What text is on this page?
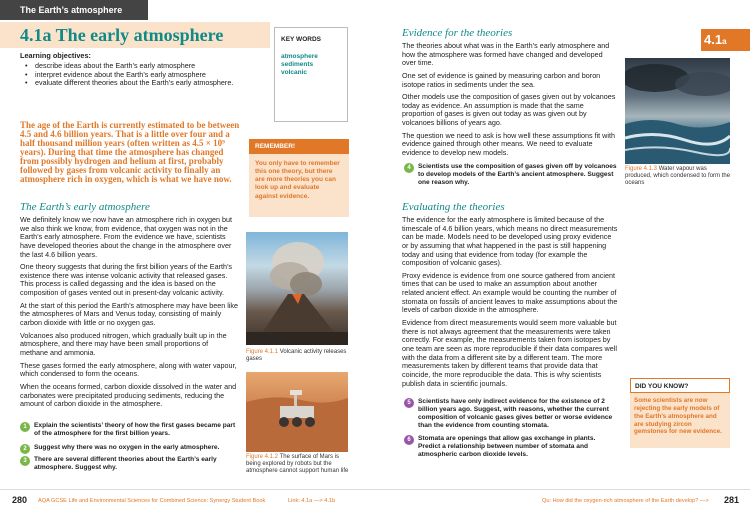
The Earth’s atmosphere
4.1a The early atmosphere
Learning objectives:
• describe ideas about the Earth’s early atmosphere
• interpret evidence about the Earth’s early atmosphere
• evaluate different theories about the Earth’s early atmosphere.
KEY WORDS
atmosphere
sediments
volcanic
The age of the Earth is currently estimated to be between 4.5 and 4.6 billion years. That is a little over four and a half thousand million years (often written as 4.5 × 10⁹ years). During that time the atmosphere has changed from possibly hydrogen and helium at first, probably followed by gases from volcanic activity to finally an atmosphere rich in oxygen, which is what we have now.
REMEMBER!
You only have to remember this one theory, but there are more theories you can look up and evaluate against evidence.
The Earth’s early atmosphere

We definitely know we now have an atmosphere rich in oxygen but we also think we know, from evidence, that oxygen was not in the Earth’s early atmosphere. From the evidence we have, scientists have developed theories about the change in the atmosphere over the last 4.6 billion years.

One theory suggests that during the first billion years of the Earth’s existence there was intense volcanic activity that released gases. This process is called degassing and the idea is based on the composition of gases vented out in present-day volcanic activity.

At the start of this period the Earth’s atmosphere may have been like the atmospheres of Mars and Venus today, consisting of mainly carbon dioxide with little or no oxygen gas.

Volcanoes also produced nitrogen, which gradually built up in the atmosphere, and there may have been small proportions of methane and ammonia.

These gases formed the early atmosphere, along with water vapour, which condensed to form the oceans.

When the oceans formed, carbon dioxide dissolved in the water and carbonates were precipitated producing sediments, reducing the amount of carbon dioxide in the atmosphere.

1	Explain the scientists’ theory of how the first gases became part of the atmosphere for the first billion years.
2	Suggest why there was no oxygen in the early atmosphere.
3	There are several different theories about the Earth’s early atmosphere. Suggest why.
Figure 4.1.1 Volcanic activity releases gases
Figure 4.1.2 The surface of Mars is being explored by robots but the atmosphere cannot support human life
Evidence for the theories

The theories about what was in the Earth’s early atmosphere and how the atmosphere was formed have changed and developed over time.

One set of evidence is gained by measuring carbon and boron isotope ratios in sediments under the sea.

Other models use the composition of gases given out by volcanoes today as evidence. An assumption is made that the same proportion of gases is given out today as was given out by volcanoes billions of years ago.

The question we need to ask is how well these assumptions fit with evidence gained through other means. We need to evaluate evidence to develop new models.

4	Scientists use the composition of gases given off by volcanoes to develop models of the Earth’s ancient atmosphere. Suggest one reason why.
Evaluating the theories

The evidence for the early atmosphere is limited because of the timescale of 4.6 billion years, which means no direct measurements can be made. Models need to be developed using proxy evidence or by assuming that what happened in the past is still happening today and using that evidence from today (for example the composition of volcanic gases).

Proxy evidence is evidence from one source gathered from ancient times that can be used to make an assumption about another related ancient effect. An example would be counting the number of stomata on fossils of ancient leaves to make assumptions about the levels of carbon dioxide in the atmosphere.

Evidence from direct measurements would seem more valuable but there is not always agreement that the measurements were taken correctly. For example, the measurements taken from isotopes by one team are seen as more reproducible if their data compares well with the data from a different site by a different team. The more measurements taken by different teams that provide data that coincide, the more reproducible the data. This is why scientists publish data in scientific journals.

5	Scientists have only indirect evidence for the existence of 2 billion years ago. Suggest, with reasons, whether the current composition of volcanic gases gives better or worse evidence than the evidence from counting stomata.
6	Stomata are openings that allow gas exchange in plants. Predict a relationship between number of stomata and atmospheric carbon dioxide levels.
4.1a
Figure 4.1.3 Water vapour was produced, which condensed to form the oceans
DID YOU KNOW?
Some scientists are now rejecting the early models of the Earth’s atmosphere and are studying zircon gemstones for new evidence.
280 AQA GCSE Life and Environmental Sciences for Combined Science: Synergy Student Book	Link: 4.1a —> 4.1b	Qu: How did the oxygen-rich atmosphere of the Earth develop? —> 281
